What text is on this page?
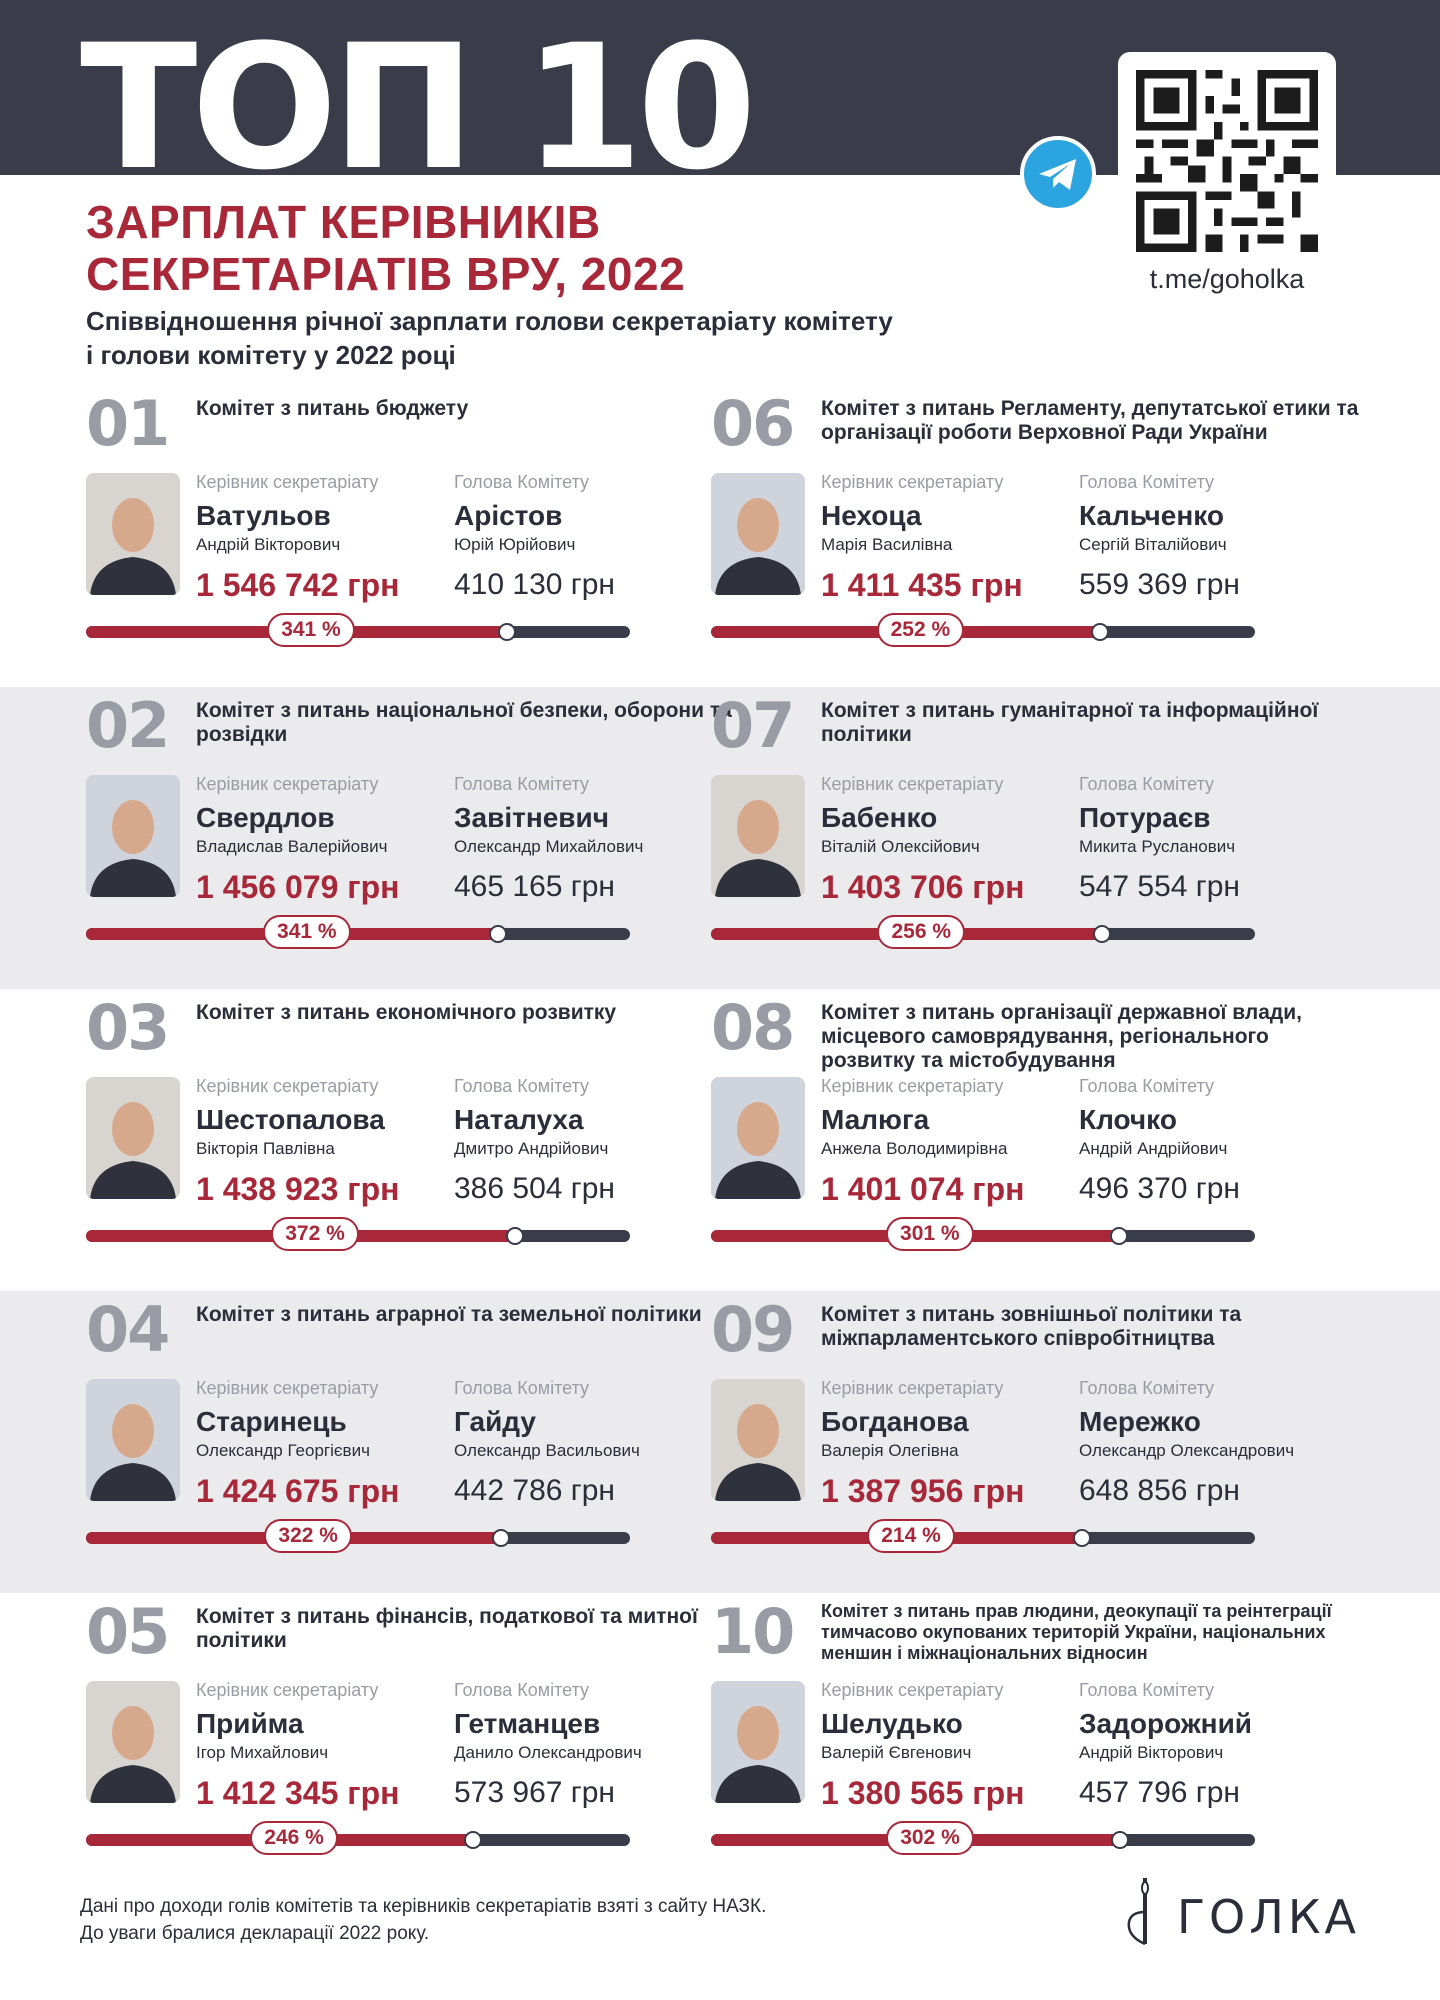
ТОП 10
ЗАРПЛАТ КЕРІВНИКІВ
СЕКРЕТАРІАТІВ ВРУ, 2022
Співвідношення річної зарплати голови секретаріату комітету
і голови комітету у 2022 році
t.me/goholka
01 Комітет з питань бюджету
Керівник секретаріату
Ватульов
Андрій Вікторович
1 546 742 грн
Голова Комітету
Арістов
Юрій Юрійович
410 130 грн
341 %
06 Комітет з питань Регламенту, депутатської етики та організації роботи Верховної Ради України
Керівник секретаріату
Нехоца
Марія Василівна
1 411 435 грн
Голова Комітету
Кальченко
Сергій Віталійович
559 369 грн
252 %
02 Комітет з питань національної безпеки, оборони та розвідки
Керівник секретаріату
Свердлов
Владислав Валерійович
1 456 079 грн
Голова Комітету
Завітневич
Олександр Михайлович
465 165 грн
341 %
07 Комітет з питань гуманітарної та інформаційної політики
Керівник секретаріату
Бабенко
Віталій Олексійович
1 403 706 грн
Голова Комітету
Потураєв
Микита Русланович
547 554 грн
256 %
03 Комітет з питань економічного розвитку
Керівник секретаріату
Шестопалова
Вікторія Павлівна
1 438 923 грн
Голова Комітету
Наталуха
Дмитро Андрійович
386 504 грн
372 %
08 Комітет з питань організації державної влади, місцевого самоврядування, регіонального розвитку та містобудування
Керівник секретаріату
Малюга
Анжела Володимирівна
1 401 074 грн
Голова Комітету
Клочко
Андрій Андрійович
496 370 грн
301 %
04 Комітет з питань аграрної та земельної політики
Керівник секретаріату
Старинець
Олександр Георгієвич
1 424 675 грн
Голова Комітету
Гайду
Олександр Васильович
442 786 грн
322 %
09 Комітет з питань зовнішньої політики та міжпарламентського співробітництва
Керівник секретаріату
Богданова
Валерія Олегівна
1 387 956 грн
Голова Комітету
Мережко
Олександр Олександрович
648 856 грн
214 %
05 Комітет з питань фінансів, податкової та митної політики
Керівник секретаріату
Прийма
Ігор Михайлович
1 412 345 грн
Голова Комітету
Гетманцев
Данило Олександрович
573 967 грн
246 %
10 Комітет з питань прав людини, деокупації та реінтеграції тимчасово окупованих територій України, національних меншин і міжнаціональних відносин
Керівник секретаріату
Шелудько
Валерій Євгенович
1 380 565 грн
Голова Комітету
Задорожний
Андрій Вікторович
457 796 грн
302 %
Дані про доходи голів комітетів та керівників секретаріатів взяті з сайту НАЗК.
До уваги бралися декларації 2022 року.	ГОЛКА
